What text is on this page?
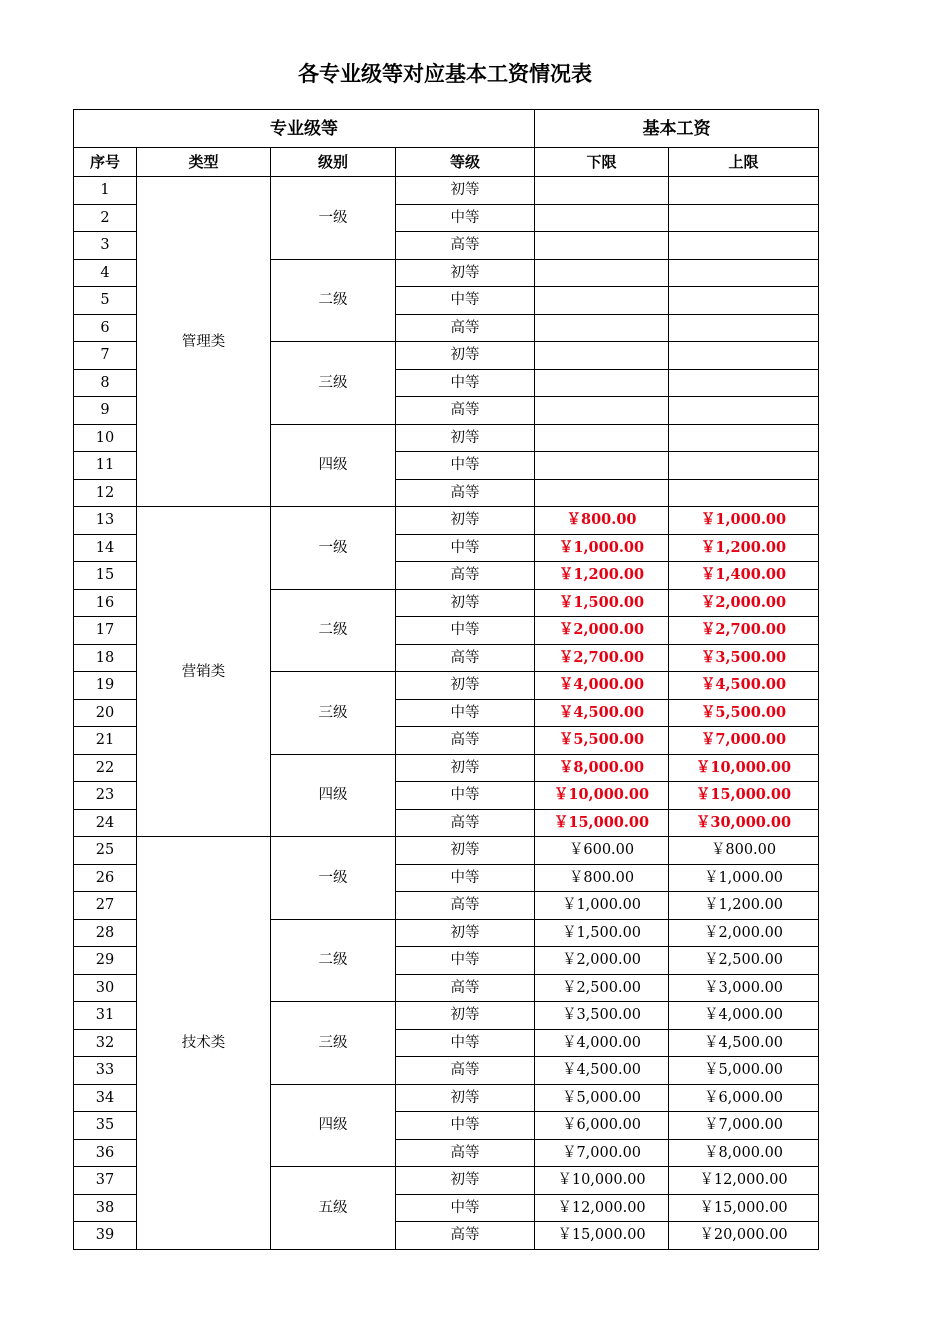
各专业级等对应基本工资情况表
专业级等				基本工资	
序号	类型	级别	等级	下限	上限
1	管理类	一级	初等		
2			中等		
3			高等		
4		二级	初等		
5			中等		
6			高等		
7		三级	初等		
8			中等		
9			高等		
10		四级	初等		
11			中等		
12			高等		
13	营销类	一级	初等	￥800.00	￥1,000.00
14			中等	￥1,000.00	￥1,200.00
15			高等	￥1,200.00	￥1,400.00
16		二级	初等	￥1,500.00	￥2,000.00
17			中等	￥2,000.00	￥2,700.00
18			高等	￥2,700.00	￥3,500.00
19		三级	初等	￥4,000.00	￥4,500.00
20			中等	￥4,500.00	￥5,500.00
21			高等	￥5,500.00	￥7,000.00
22		四级	初等	￥8,000.00	￥10,000.00
23			中等	￥10,000.00	￥15,000.00
24			高等	￥15,000.00	￥30,000.00
25	技术类	一级	初等	￥600.00	￥800.00
26			中等	￥800.00	￥1,000.00
27			高等	￥1,000.00	￥1,200.00
28		二级	初等	￥1,500.00	￥2,000.00
29			中等	￥2,000.00	￥2,500.00
30			高等	￥2,500.00	￥3,000.00
31		三级	初等	￥3,500.00	￥4,000.00
32			中等	￥4,000.00	￥4,500.00
33			高等	￥4,500.00	￥5,000.00
34		四级	初等	￥5,000.00	￥6,000.00
35			中等	￥6,000.00	￥7,000.00
36			高等	￥7,000.00	￥8,000.00
37		五级	初等	￥10,000.00	￥12,000.00
38			中等	￥12,000.00	￥15,000.00
39			高等	￥15,000.00	￥20,000.00
